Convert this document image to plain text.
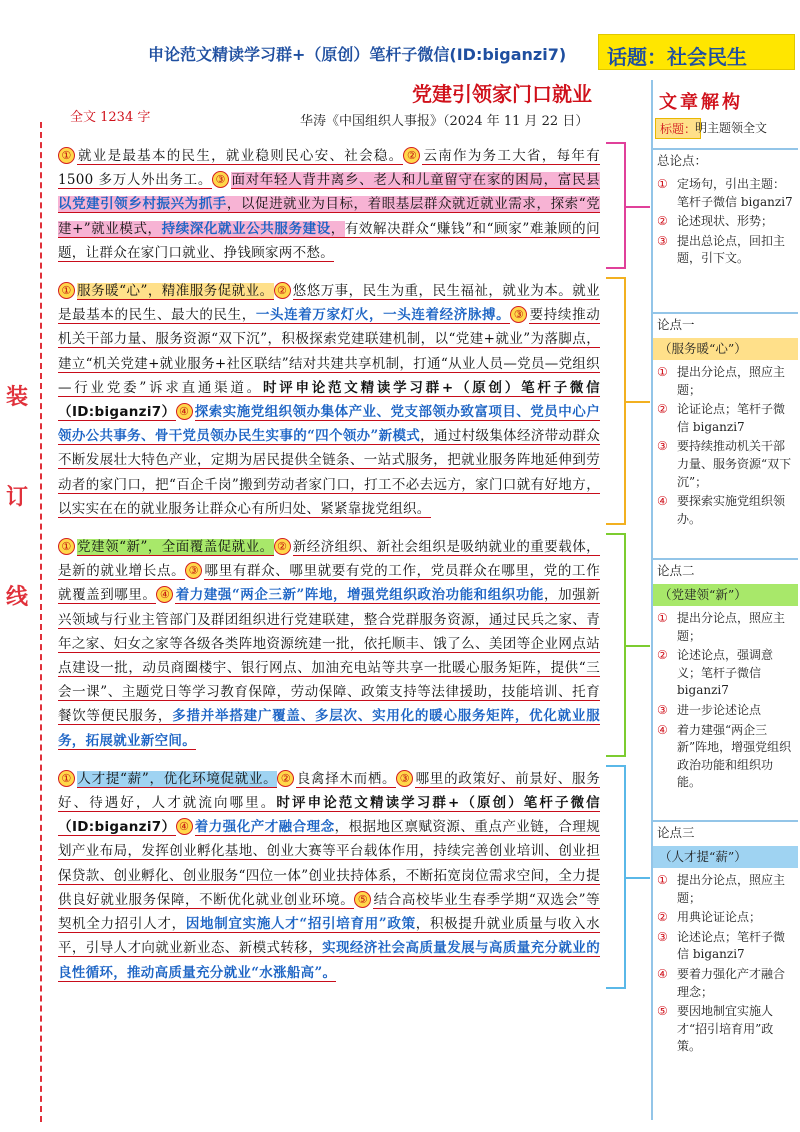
申论范文精读学习群+（原创）笔杆子微信(ID:biganzi7) 话题：社会民生
党建引领家门口就业
全文 1234 字	华涛《中国组织人事报》（2024 年 11 月 22 日）
装
订
线
① 就业是最基本的民生，就业稳则民心安、社会稳。 ② 云南作为务工大省，每年有 1500 多万人外出务工。 ③ 面对年轻人背井离乡、老人和儿童留守在家的困局，富民县以党建引领乡村振兴为抓手，以促进就业为目标，着眼基层群众就近就业需求，探索“党建+”就业模式，持续深化就业公共服务建设，有效解决群众“赚钱”和“顾家”难兼顾的问题，让群众在家门口就业、挣钱顾家两不愁。
① 服务暖“心”，精准服务促就业。 ② 悠悠万事，民生为重，民生福祉，就业为本。就业是最基本的民生、最大的民生，一头连着万家灯火，一头连着经济脉搏。 ③ 要持续推动机关干部力量、服务资源“双下沉”，积极探索党建联建机制，以“党建+就业”为落脚点，建立“机关党建+就业服务+社区联结”结对共建共享机制，打通“从业人员—党员—党组织—行业党委”诉求直通渠道。时评申论范文精读学习群+（原创）笔杆子微信（ID:biganzi7） ④ 探索实施党组织领办集体产业、党支部领办致富项目、党员中心户领办公共事务、骨干党员领办民生实事的“四个领办”新模式，通过村级集体经济带动群众不断发展壮大特色产业，定期为居民提供全链条、一站式服务，把就业服务阵地延伸到劳动者的家门口，把“百企千岗”搬到劳动者家门口，打工不必去远方，家门口就有好地方，以实实在在的就业服务让群众心有所归处、紧紧靠拢党组织。
① 党建领“新”，全面覆盖促就业。 ② 新经济组织、新社会组织是吸纳就业的重要载体，是新的就业增长点。 ③ 哪里有群众、哪里就要有党的工作，党员群众在哪里，党的工作就覆盖到哪里。 ④ 着力建强“两企三新”阵地，增强党组织政治功能和组织功能，加强新兴领域与行业主管部门及群团组织进行党建联建，整合党群服务资源，通过民兵之家、青年之家、妇女之家等各级各类阵地资源统建一批，依托顺丰、饿了么、美团等企业网点站点建设一批，动员商圈楼宇、银行网点、加油充电站等共享一批暖心服务矩阵，提供“三会一课”、主题党日等学习教育保障，劳动保障、政策支持等法律援助，技能培训、托育餐饮等便民服务，多措并举搭建广覆盖、多层次、实用化的暖心服务矩阵，优化就业服务，拓展就业新空间。
① 人才提“薪”，优化环境促就业。 ② 良禽择木而栖。 ③ 哪里的政策好、前景好、服务好、待遇好，人才就流向哪里。时评申论范文精读学习群+（原创）笔杆子微信（ID:biganzi7） ④ 着力强化产才融合理念，根据地区禀赋资源、重点产业链，合理规划产业布局，发挥创业孵化基地、创业大赛等平台载体作用，持续完善创业培训、创业担保贷款、创业孵化、创业服务“四位一体”创业扶持体系，不断拓宽岗位需求空间，全力提供良好就业服务保障，不断优化就业创业环境。 ⑤ 结合高校毕业生春季学期“双选会”等契机全力招引人才，因地制宜实施人才“招引培育用”政策，积极提升就业质量与收入水平，引导人才向就业新业态、新模式转移，实现经济社会高质量发展与高质量充分就业的良性循环，推动高质量充分就业“水涨船高”。
文章解构
标题：
明主题领全文
总论点：
① 定场句，引出主题：笔杆子微信 biganzi7
② 论述现状、形势；
③ 提出总论点，回扣主题，引下文。
论点一
（服务暖“心”）
① 提出分论点，照应主题；
② 论证论点；笔杆子微信 biganzi7
③ 要持续推动机关干部力量、服务资源“双下沉”；
④ 要探索实施党组织领办。
论点二
（党建领“新”）
① 提出分论点，照应主题；
② 论述论点，强调意义；笔杆子微信 biganzi7
③ 进一步论述论点
④ 着力建强“两企三新”阵地，增强党组织政治功能和组织功能。
论点三
（人才提“薪”）
① 提出分论点，照应主题；
② 用典论证论点；
③ 论述论点；笔杆子微信 biganzi7
④ 要着力强化产才融合理念；
⑤ 要因地制宜实施人才“招引培育用”政策。
